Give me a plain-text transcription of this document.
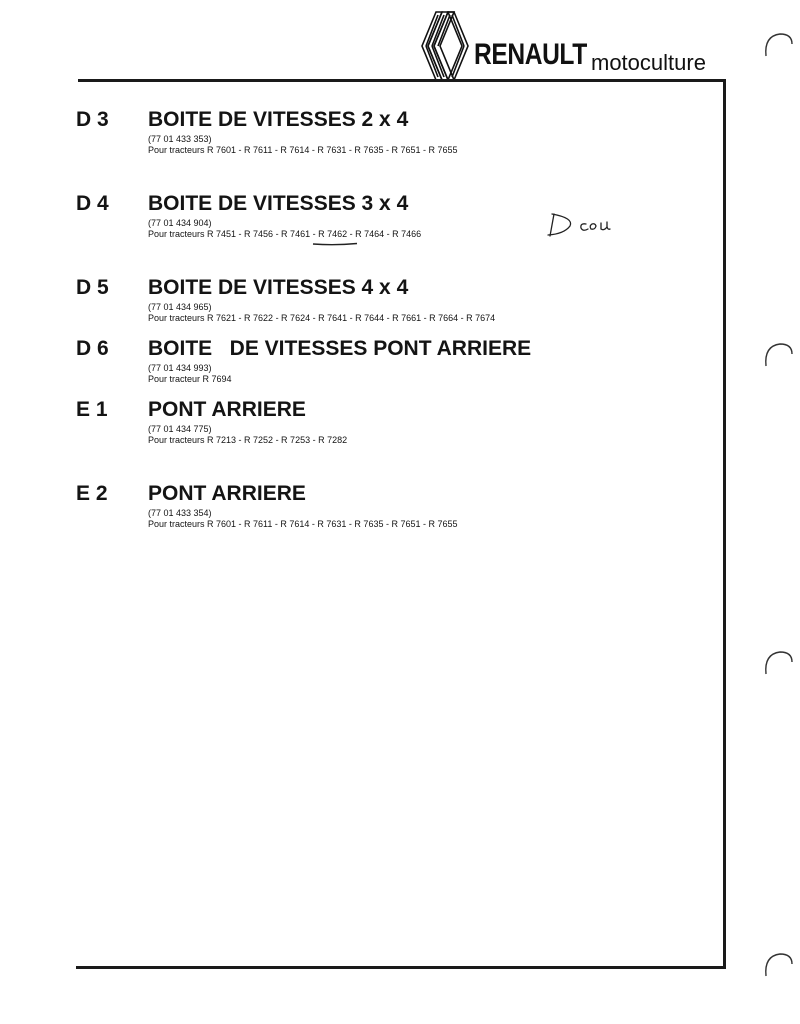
RENAULT motoculture
D 3 BOITE DE VITESSES 2 x 4
(77 01 433 353)
Pour tracteurs R 7601 - R 7611 - R 7614 - R 7631 - R 7635 - R 7651 - R 7655
D 4 BOITE DE VITESSES 3 x 4
(77 01 434 904)
Pour tracteurs R 7451 - R 7456 - R 7461 - R 7462 - R 7464 - R 7466
D 5 BOITE DE VITESSES 4 x 4
(77 01 434 965)
Pour tracteurs R 7621 - R 7622 - R 7624 - R 7641 - R 7644 - R 7661 - R 7664 - R 7674
D 6 BOITE   DE VITESSES PONT ARRIERE
(77 01 434 993)
Pour tracteur R 7694
E 1 PONT ARRIERE
(77 01 434 775)
Pour tracteurs R 7213 - R 7252 - R 7253 - R 7282
E 2 PONT ARRIERE
(77 01 433 354)
Pour tracteurs R 7601 - R 7611 - R 7614 - R 7631 - R 7635 - R 7651 - R 7655
